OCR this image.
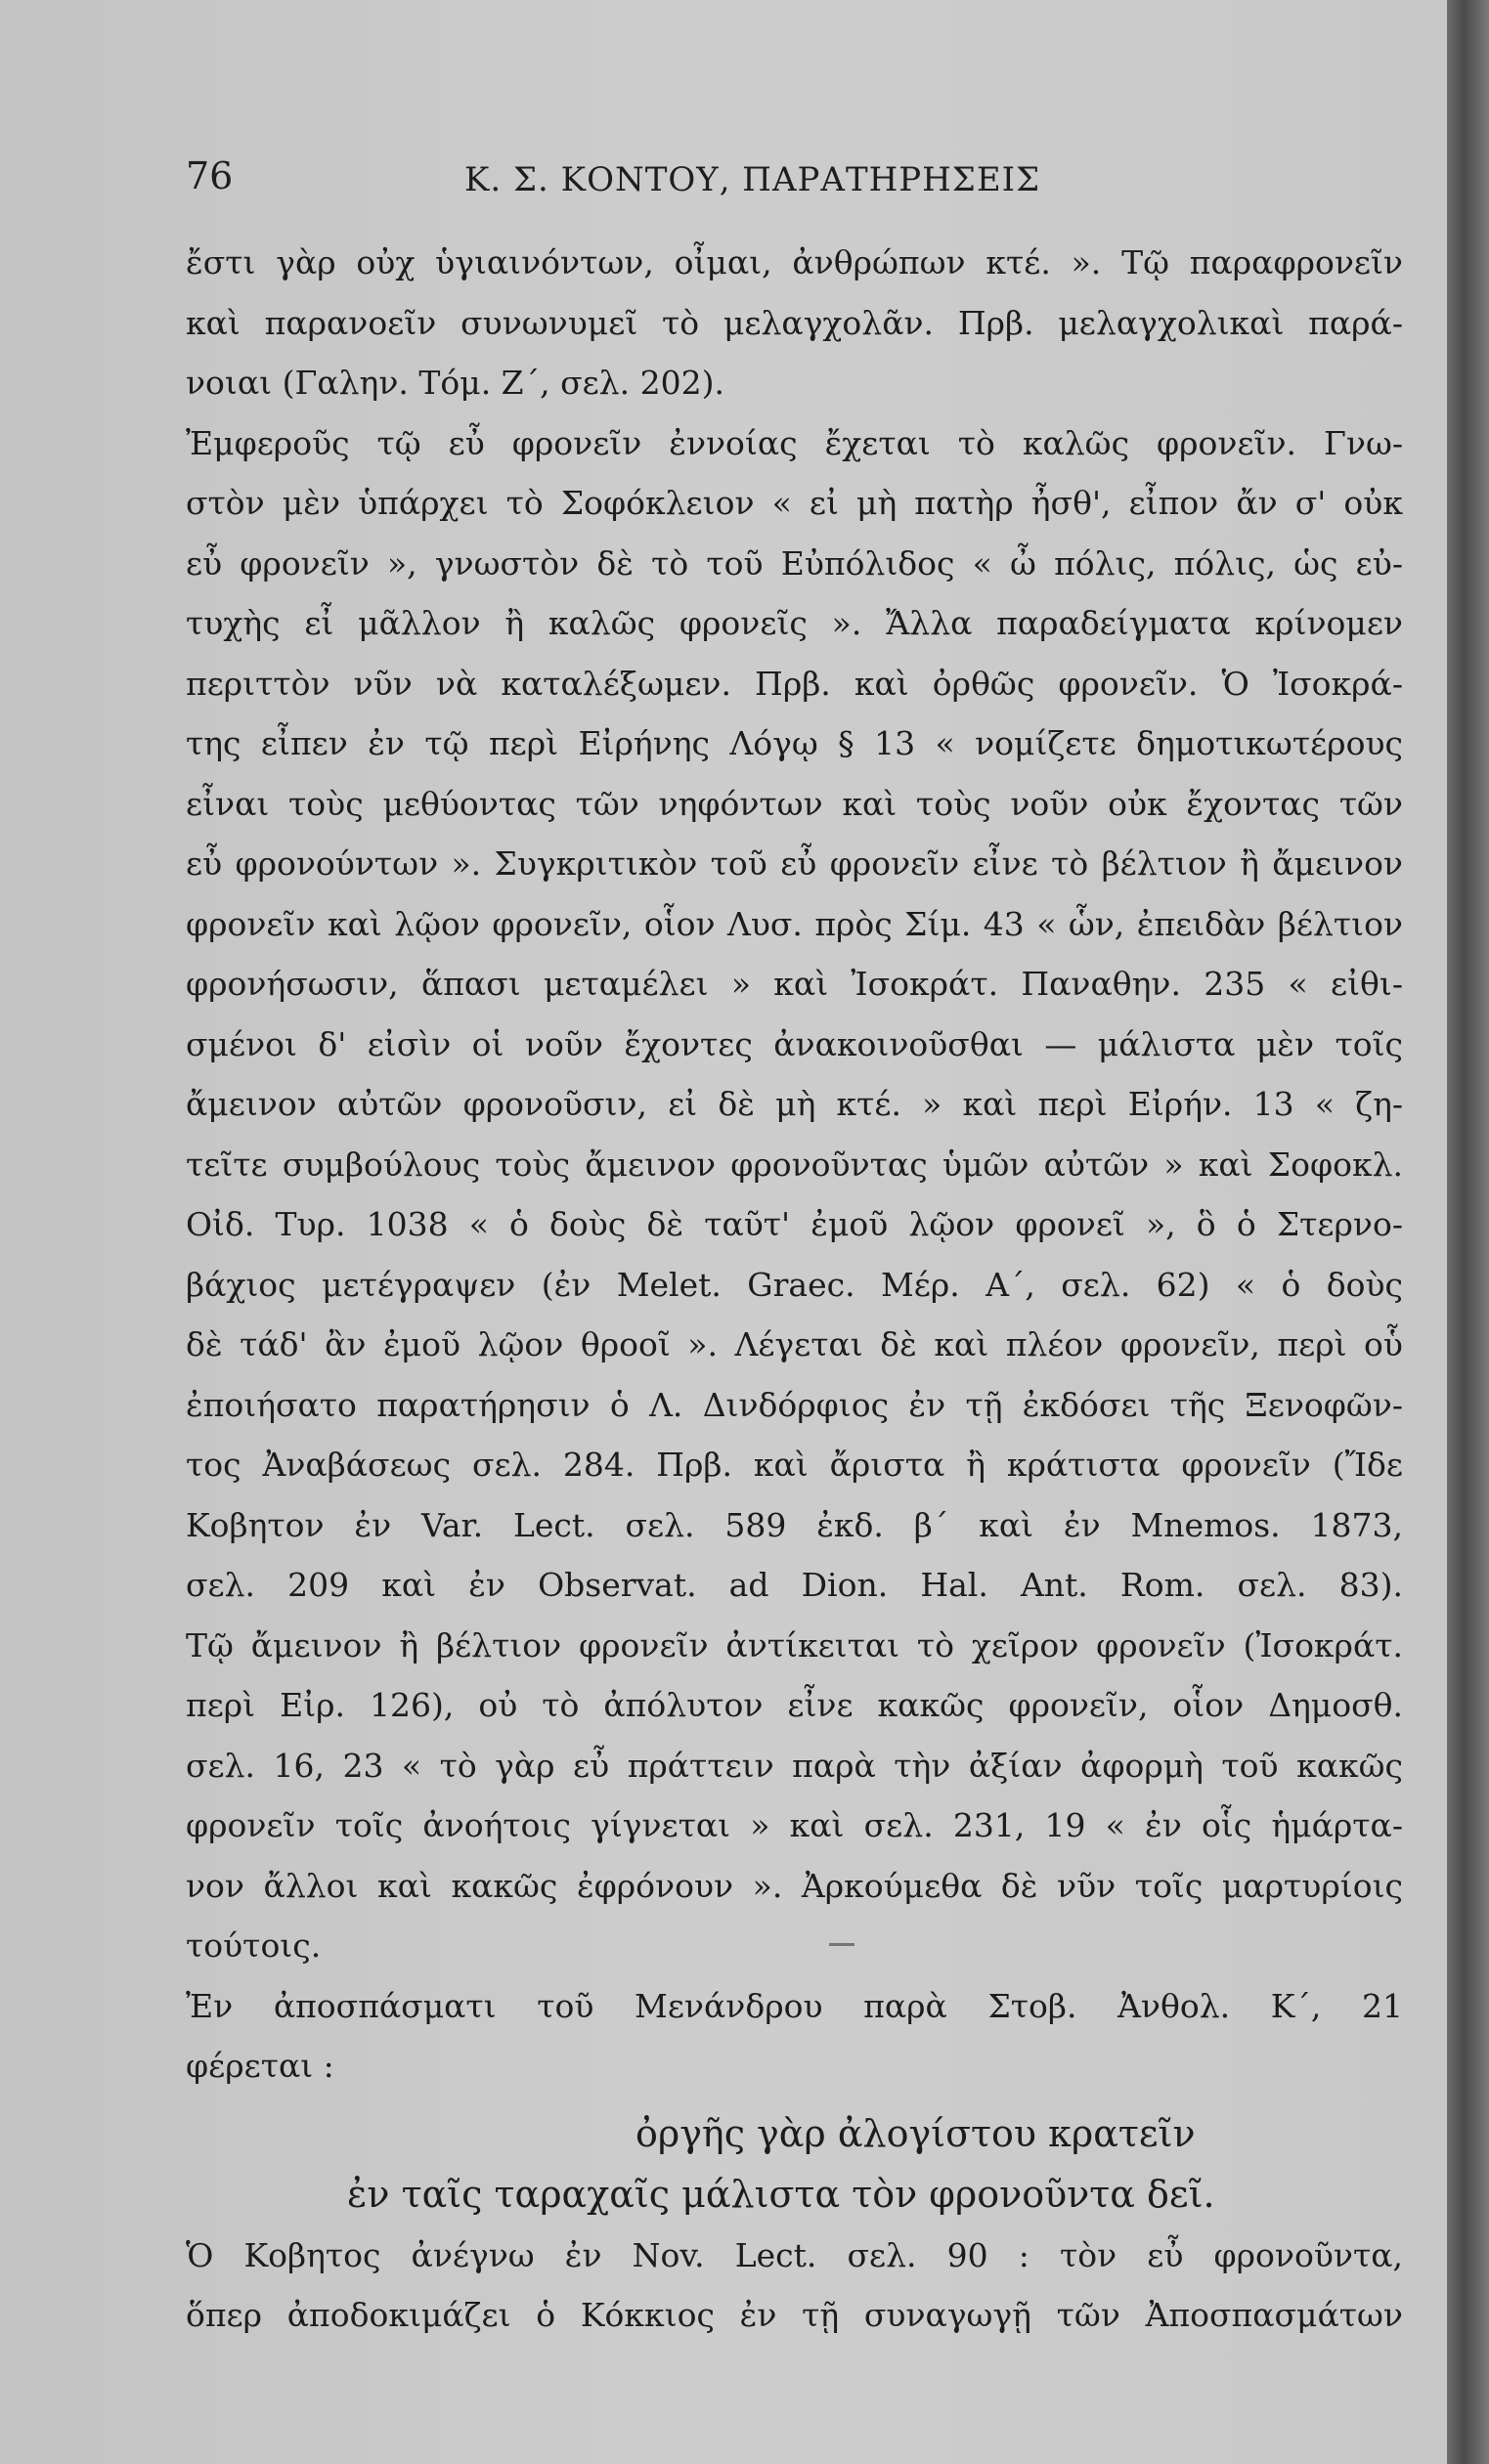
76	Κ. Σ. ΚΟΝΤΟΥ, ΠΑΡΑΤΗΡΗΣΕΙΣ
ἔστι γὰρ οὐχ ὑγιαινόντων, οἶμαι, ἀνθρώπων κτέ. ». Τῷ παραφρονεῖν
καὶ παρανοεῖν συνωνυμεῖ τὸ μελαγχολᾶν. Πρβ. μελαγχολικαὶ παρά-
νοιαι (Γαλην. Τόμ. Ζ΄, σελ. 202).
Ἐμφεροῦς τῷ εὖ φρονεῖν ἐννοίας ἔχεται τὸ καλῶς φρονεῖν. Γνω-
στὸν μὲν ὑπάρχει τὸ Σοφόκλειον « εἰ μὴ πατὴρ ἦσθ', εἶπον ἄν σ' οὐκ
εὖ φρονεῖν », γνωστὸν δὲ τὸ τοῦ Εὐπόλιδος « ὦ πόλις, πόλις, ὡς εὐ-
τυχὴς εἶ μᾶλλον ἢ καλῶς φρονεῖς ». Ἄλλα παραδείγματα κρίνομεν
περιττὸν νῦν νὰ καταλέξωμεν. Πρβ. καὶ ὀρθῶς φρονεῖν. Ὁ Ἰσοκρά-
της εἶπεν ἐν τῷ περὶ Εἰρήνης Λόγῳ § 13 « νομίζετε δημοτικωτέρους
εἶναι τοὺς μεθύοντας τῶν νηφόντων καὶ τοὺς νοῦν οὐκ ἔχοντας τῶν
εὖ φρονούντων ». Συγκριτικὸν τοῦ εὖ φρονεῖν εἶνε τὸ βέλτιον ἢ ἄμεινον
φρονεῖν καὶ λῷον φρονεῖν, οἷον Λυσ. πρὸς Σίμ. 43 « ὧν, ἐπειδὰν βέλτιον
φρονήσωσιν, ἅπασι μεταμέλει » καὶ Ἰσοκράτ. Παναθην. 235 « εἰθι-
σμένοι δ' εἰσὶν οἱ νοῦν ἔχοντες ἀνακοινοῦσθαι — μάλιστα μὲν τοῖς
ἄμεινον αὐτῶν φρονοῦσιν, εἰ δὲ μὴ κτέ. » καὶ περὶ Εἰρήν. 13 « ζη-
τεῖτε συμβούλους τοὺς ἄμεινον φρονοῦντας ὑμῶν αὐτῶν » καὶ Σοφοκλ.
Οἰδ. Τυρ. 1038 « ὁ δοὺς δὲ ταῦτ' ἐμοῦ λῷον φρονεῖ », ὃ ὁ Στερνο-
βάχιος μετέγραψεν (ἐν Melet. Graec. Μέρ. Α΄, σελ. 62) « ὁ δοὺς
δὲ τάδ' ἂν ἐμοῦ λῷον θροοῖ ». Λέγεται δὲ καὶ πλέον φρονεῖν, περὶ οὗ
ἐποιήσατο παρατήρησιν ὁ Λ. Δινδόρφιος ἐν τῇ ἐκδόσει τῆς Ξενοφῶν-
τος Ἀναβάσεως σελ. 284. Πρβ. καὶ ἄριστα ἢ κράτιστα φρονεῖν (Ἴδε
Κοβητον ἐν Var. Lect. σελ. 589 ἐκδ. β΄ καὶ ἐν Mnemos. 1873,
σελ. 209 καὶ ἐν Observat. ad Dion. Hal. Ant. Rom. σελ. 83).
Τῷ ἄμεινον ἢ βέλτιον φρονεῖν ἀντίκειται τὸ χεῖρον φρονεῖν (Ἰσοκράτ.
περὶ Εἰρ. 126), οὐ τὸ ἀπόλυτον εἶνε κακῶς φρονεῖν, οἷον Δημοσθ.
σελ. 16, 23 « τὸ γὰρ εὖ πράττειν παρὰ τὴν ἀξίαν ἀφορμὴ τοῦ κακῶς
φρονεῖν τοῖς ἀνοήτοις γίγνεται » καὶ σελ. 231, 19 « ἐν οἷς ἡμάρτα-
νον ἄλλοι καὶ κακῶς ἐφρόνουν ». Ἀρκούμεθα δὲ νῦν τοῖς μαρτυρίοις
τούτοις.
Ἐν ἀποσπάσματι τοῦ Μενάνδρου παρὰ Στοβ. Ἀνθολ. Κ΄, 21
φέρεται :
ὀργῆς γὰρ ἀλογίστου κρατεῖν
ἐν ταῖς ταραχαῖς μάλιστα τὸν φρονοῦντα δεῖ.
Ὁ Κοβητος ἀνέγνω ἐν Nov. Lect. σελ. 90 : τὸν εὖ φρονοῦντα,
ὅπερ ἀποδοκιμάζει ὁ Κόκκιος ἐν τῇ συναγωγῇ τῶν Ἀποσπασμάτων
